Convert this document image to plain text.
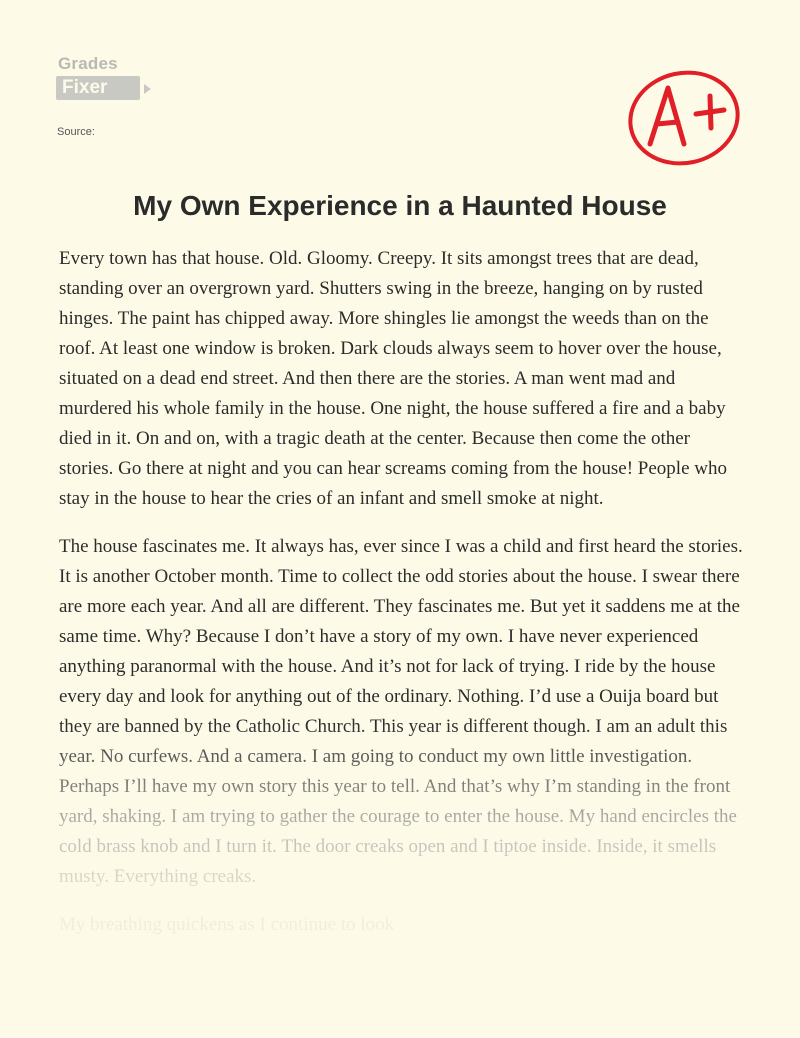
Grades
Fixer
Source:
My Own Experience in a Haunted House

Every town has that house. Old. Gloomy. Creepy. It sits amongst trees that are dead, standing over an overgrown yard. Shutters swing in the breeze, hanging on by rusted hinges. The paint has chipped away. More shingles lie amongst the weeds than on the roof. At least one window is broken. Dark clouds always seem to hover over the house, situated on a dead end street. And then there are the stories. A man went mad and murdered his whole family in the house. One night, the house suffered a fire and a baby died in it. On and on, with a tragic death at the center. Because then come the other stories. Go there at night and you can hear screams coming from the house! People who stay in the house to hear the cries of an infant and smell smoke at night.

The house fascinates me. It always has, ever since I was a child and first heard the stories. It is another October month. Time to collect the odd stories about the house. I swear there are more each year. And all are different. They fascinates me. But yet it saddens me at the same time. Why? Because I don’t have a story of my own. I have never experienced anything paranormal with the house. And it’s not for lack of trying. I ride by the house every day and look for anything out of the ordinary. Nothing. I’d use a Ouija board but they are banned by the Catholic Church. This year is different though. I am an adult this year. No curfews. And a camera. I am going to conduct my own little investigation. Perhaps I’ll have my own story this year to tell. And that’s why I’m standing in the front yard, shaking. I am trying to gather the courage to enter the house. My hand encircles the cold brass knob and I turn it. The door creaks open and I tiptoe inside. Inside, it smells musty. Everything creaks.

My breathing quickens as I continue to look
